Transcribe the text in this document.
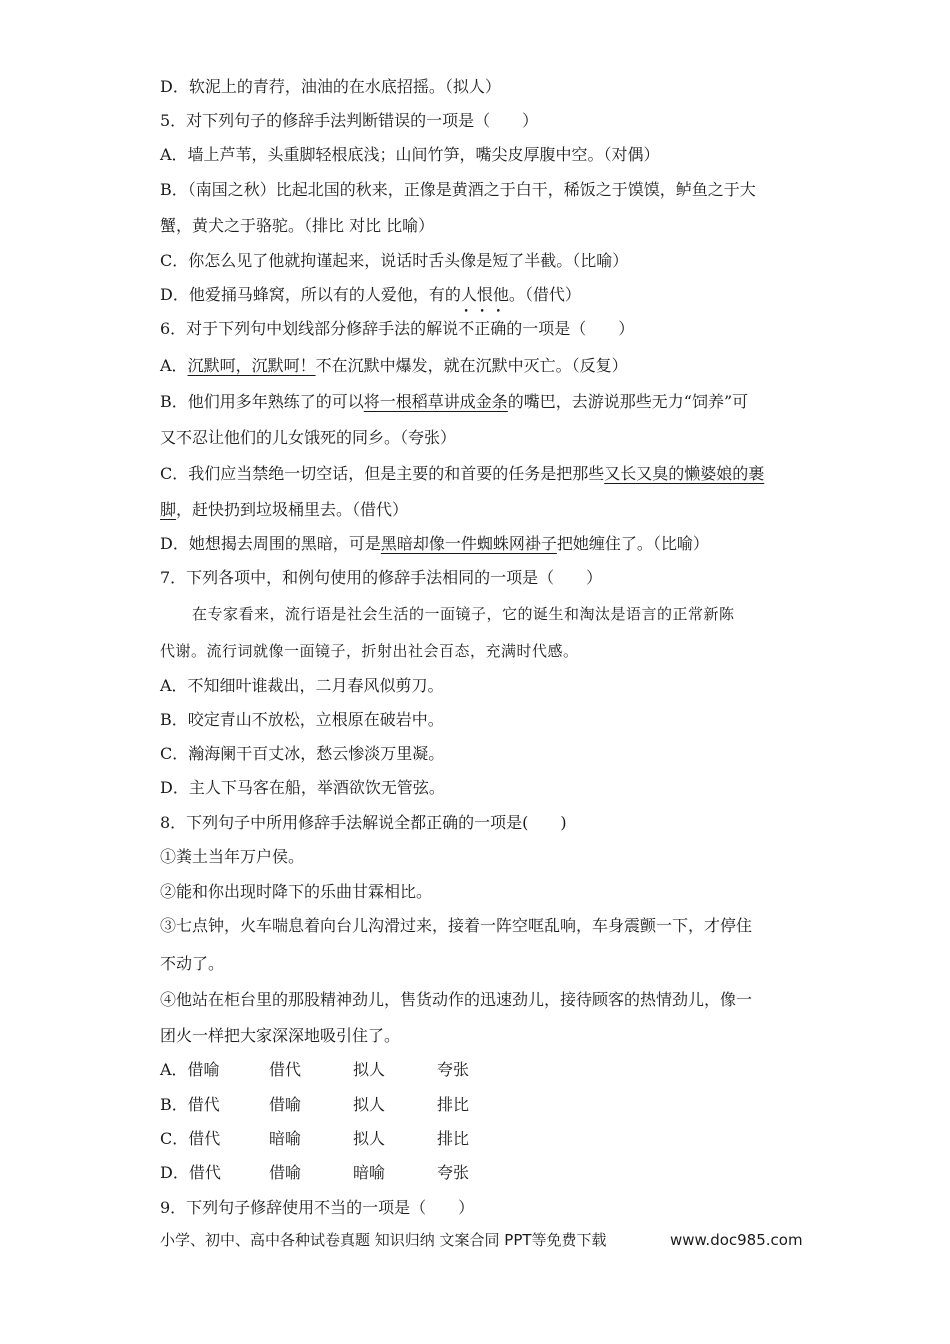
D．软泥上的青荇，油油的在水底招摇。（拟人）
5．对下列句子的修辞手法判断错误的一项是（　　）
A．墙上芦苇，头重脚轻根底浅；山间竹笋，嘴尖皮厚腹中空。（对偶）
B．（南国之秋）比起北国的秋来，正像是黄酒之于白干，稀饭之于馍馍，鲈鱼之于大
蟹，黄犬之于骆驼。（排比 对比 比喻）
C．你怎么见了他就拘谨起来，说话时舌头像是短了半截。（比喻）
D．他爱捅马蜂窝，所以有的人爱他，有的人恨他。（借代）
6．对于下列句中划线部分修辞手法的解说不正确的一项是（　　）
A．沉默呵，沉默呵！不在沉默中爆发，就在沉默中灭亡。（反复）
B．他们用多年熟练了的可以将一根稻草讲成金条的嘴巴，去游说那些无力“饲养”可
又不忍让他们的儿女饿死的同乡。（夸张）
C．我们应当禁绝一切空话，但是主要的和首要的任务是把那些又长又臭的懒婆娘的裹
脚，赶快扔到垃圾桶里去。（借代）
D．她想揭去周围的黑暗，可是黑暗却像一件蜘蛛网褂子把她缠住了。（比喻）
7．下列各项中，和例句使用的修辞手法相同的一项是（　　）
在专家看来，流行语是社会生活的一面镜子，它的诞生和淘汰是语言的正常新陈
代谢。流行词就像一面镜子，折射出社会百态，充满时代感。
A．不知细叶谁裁出，二月春风似剪刀。
B．咬定青山不放松，立根原在破岩中。
C．瀚海阑干百丈冰，愁云惨淡万里凝。
D．主人下马客在船，举酒欲饮无管弦。
8．下列句子中所用修辞手法解说全都正确的一项是(　　)
①粪土当年万户侯。
②能和你出现时降下的乐曲甘霖相比。
③七点钟，火车喘息着向台儿沟滑过来，接着一阵空哐乱响，车身震颤一下，才停住
不动了。
④他站在柜台里的那股精神劲儿，售货动作的迅速劲儿，接待顾客的热情劲儿，像一
团火一样把大家深深地吸引住了。
A．借喻	借代	拟人	夸张
B．借代	借喻	拟人	排比
C．借代	暗喻	拟人	排比
D．借代	借喻	暗喻	夸张
9．下列句子修辞使用不当的一项是（　　）
小学、初中、高中各种试卷真题 知识归纳 文案合同 PPT等免费下载	www.doc985.com
